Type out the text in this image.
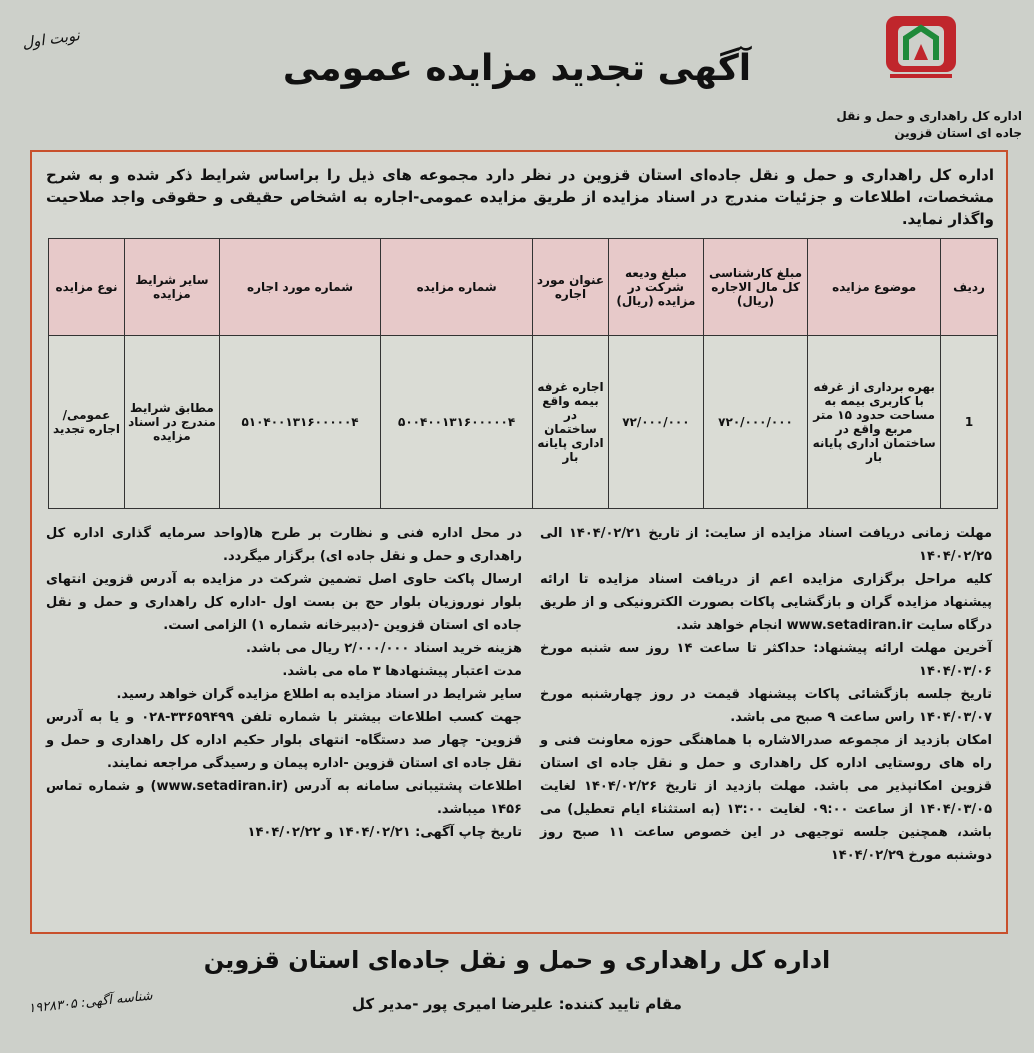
اداره کل راهداری و حمل و نقل جاده ای استان قزوین
نوبت اول
آگهی تجدید مزایده عمومی
اداره کل راهداری و حمل و نقل جاده‌ای استان قزوین در نظر دارد مجموعه های ذیل را براساس شرایط ذکر شده و به شرح مشخصات، اطلاعات و جزئیات مندرج در اسناد مزایده از طریق مزایده عمومی-اجاره به اشخاص حقیقی و حقوقی واجد صلاحیت واگذار نماید.
ردیف	موضوع مزایده	مبلغ کارشناسی کل مال الاجاره (ریال)	مبلغ ودیعه شرکت در مزایده (ریال)	عنوان مورد اجاره	شماره مزایده	شماره مورد اجاره	سایر شرایط مزایده	نوع مزایده
1	بهره برداری از غرفه با کاربری بیمه به مساحت حدود ۱۵ متر مربع واقع در ساختمان اداری پایانه بار	۷۲۰/۰۰۰/۰۰۰	۷۲/۰۰۰/۰۰۰	اجاره غرفه بیمه واقع در ساختمان اداری پایانه بار	۵۰۰۴۰۰۱۳۱۶۰۰۰۰۰۴	۵۱۰۴۰۰۱۳۱۶۰۰۰۰۰۴	مطابق شرایط مندرج در اسناد مزایده	عمومی/ اجاره تجدید

مهلت زمانی دریافت اسناد مزایده از سایت: از تاریخ ۱۴۰۴/۰۲/۲۱ الی ۱۴۰۴/۰۲/۲۵

کلیه مراحل برگزاری مزایده اعم از دریافت اسناد مزایده تا ارائه پیشنهاد مزایده گران و بازگشایی پاکات بصورت الکترونیکی و از طریق درگاه سایت www.setadiran.ir انجام خواهد شد.

آخرین مهلت ارائه پیشنهاد: حداکثر تا ساعت ۱۴ روز سه شنبه مورخ ۱۴۰۴/۰۳/۰۶

تاریخ جلسه بازگشائی پاکات پیشنهاد قیمت در روز چهارشنبه مورخ ۱۴۰۴/۰۳/۰۷ راس ساعت ۹ صبح می باشد.

امکان بازدید از مجموعه صدرالاشاره با هماهنگی حوزه معاونت فنی و راه های روستایی اداره کل راهداری و حمل و نقل جاده ای استان قزوین امکانپذیر می باشد. مهلت بازدید از تاریخ ۱۴۰۴/۰۲/۲۶ لغایت ۱۴۰۴/۰۳/۰۵ از ساعت ۰۹:۰۰ لغایت ۱۳:۰۰ (به استثناء ایام تعطیل) می باشد، همچنین جلسه توجیهی در این خصوص ساعت ۱۱ صبح روز دوشنبه مورخ ۱۴۰۴/۰۲/۲۹

در محل اداره فنی و نظارت بر طرح ها(واحد سرمایه گذاری اداره کل راهداری و حمل و نقل جاده ای) برگزار میگردد.

ارسال پاکت حاوی اصل تضمین شرکت در مزایده به آدرس قزوین انتهای بلوار نوروزیان بلوار حج بن بست اول -اداره کل راهداری و حمل و نقل جاده ای استان قزوین -(دبیرخانه شماره ۱) الزامی است.

هزینه خرید اسناد ۲/۰۰۰/۰۰۰ ریال می باشد.

مدت اعتبار پیشنهادها ۳ ماه می باشد.

سایر شرایط در اسناد مزایده به اطلاع مزایده گران خواهد رسید.

جهت کسب اطلاعات بیشتر با شماره تلفن ۳۳۶۵۹۴۹۹-۰۲۸ و یا به آدرس قزوین- چهار صد دستگاه- انتهای بلوار حکیم اداره کل راهداری و حمل و نقل جاده ای استان قزوین -اداره پیمان و رسیدگی مراجعه نمایند.

اطلاعات پشتیبانی سامانه به آدرس (www.setadiran.ir) و شماره تماس ۱۴۵۶ میباشد.

تاریخ چاپ آگهی: ۱۴۰۴/۰۲/۲۱ و ۱۴۰۴/۰۲/۲۲

اداره کل راهداری و حمل و نقل جاده‌ای استان قزوین
مقام تایید کننده: علیرضا امیری پور -مدیر کل
شناسه آگهی: ۱۹۲۸۳۰۵
